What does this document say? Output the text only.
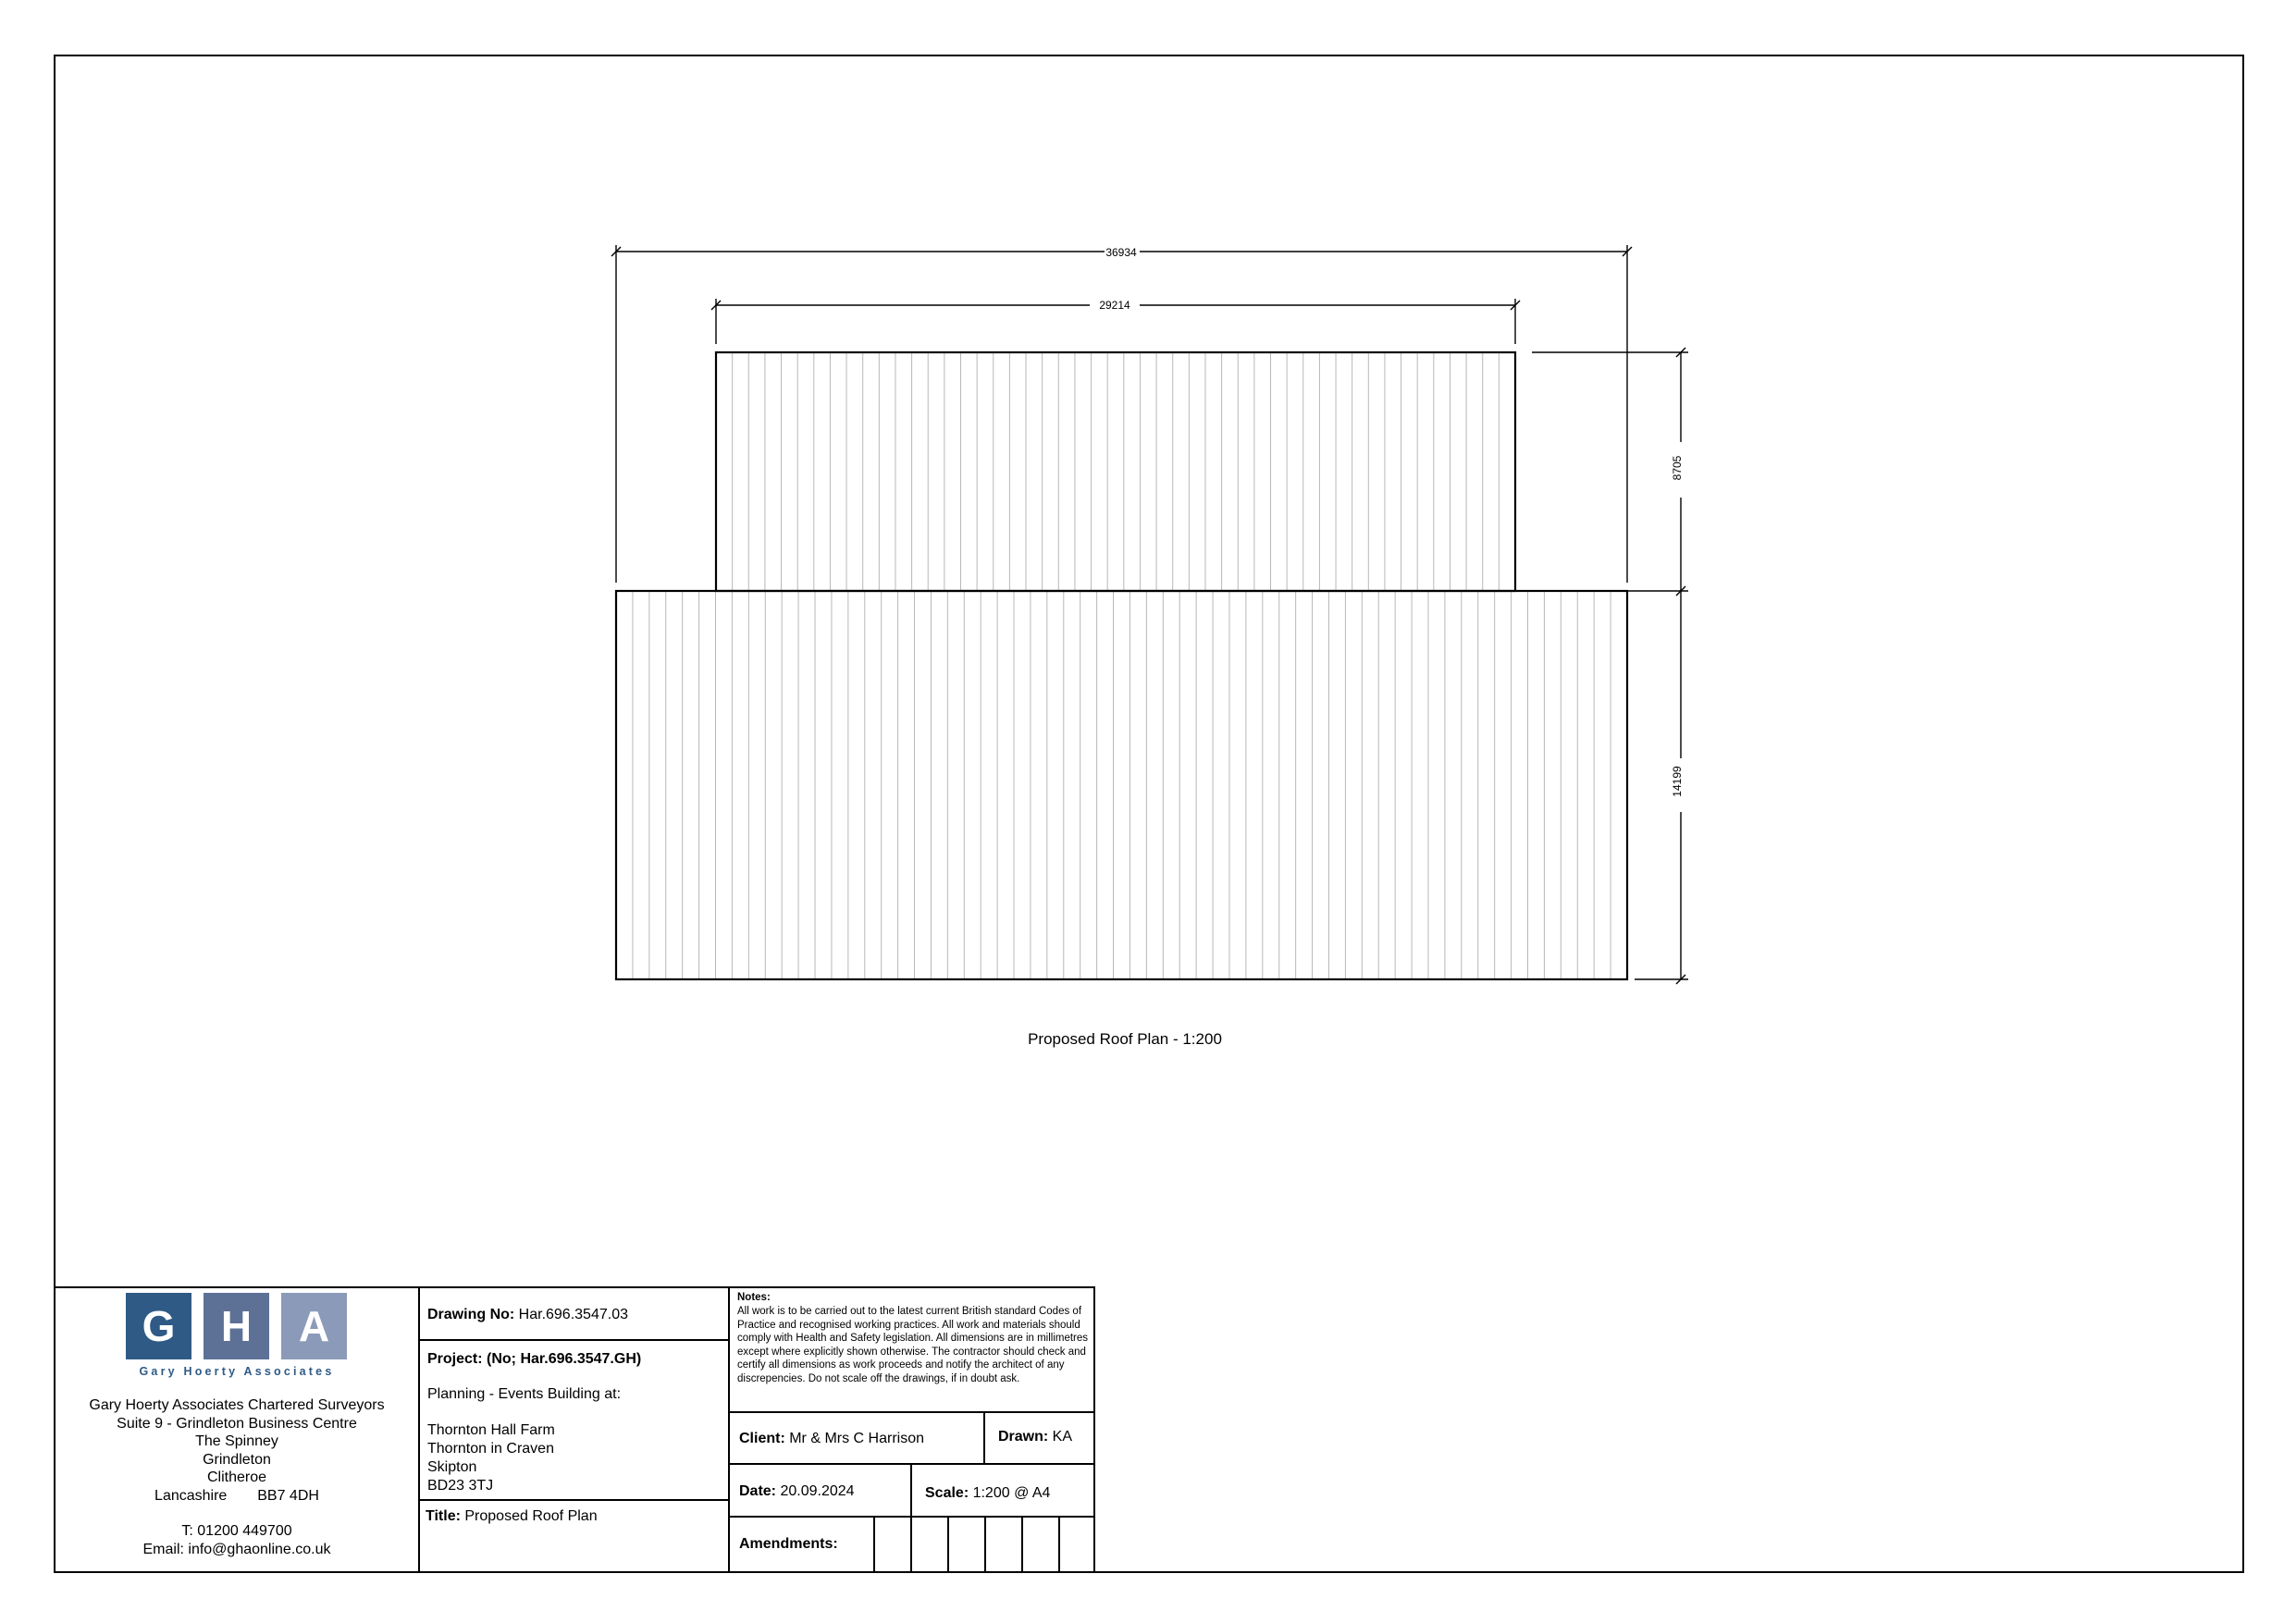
36934
29214
8705
14199
Proposed Roof Plan - 1:200
G	H	A
Gary Hoerty Associates
Gary Hoerty Associates Chartered Surveyors
Suite 9 - Grindleton Business Centre
The Spinney
Grindleton
Clitheroe
Lancashire BB7 4DH
T: 01200 449700
Email: info@ghaonline.co.uk
Drawing No: Har.696.3547.03
Project: (No; Har.696.3547.GH)
Planning - Events Building at:
Thornton Hall Farm
Thornton in Craven
Skipton
BD23 3TJ
Title: Proposed Roof Plan
Notes:
All work is to be carried out to the latest current British standard Codes of Practice and recognised working practices. All work and materials should comply with Health and Safety legislation. All dimensions are in millimetres except where explicitly shown otherwise. The contractor should check and certify all dimensions as work proceeds and notify the architect of any discrepencies. Do not scale off the drawings, if in doubt ask.
Client: Mr & Mrs C Harrison	Drawn: KA
Date: 20.09.2024	Scale: 1:200 @ A4
Amendments:
